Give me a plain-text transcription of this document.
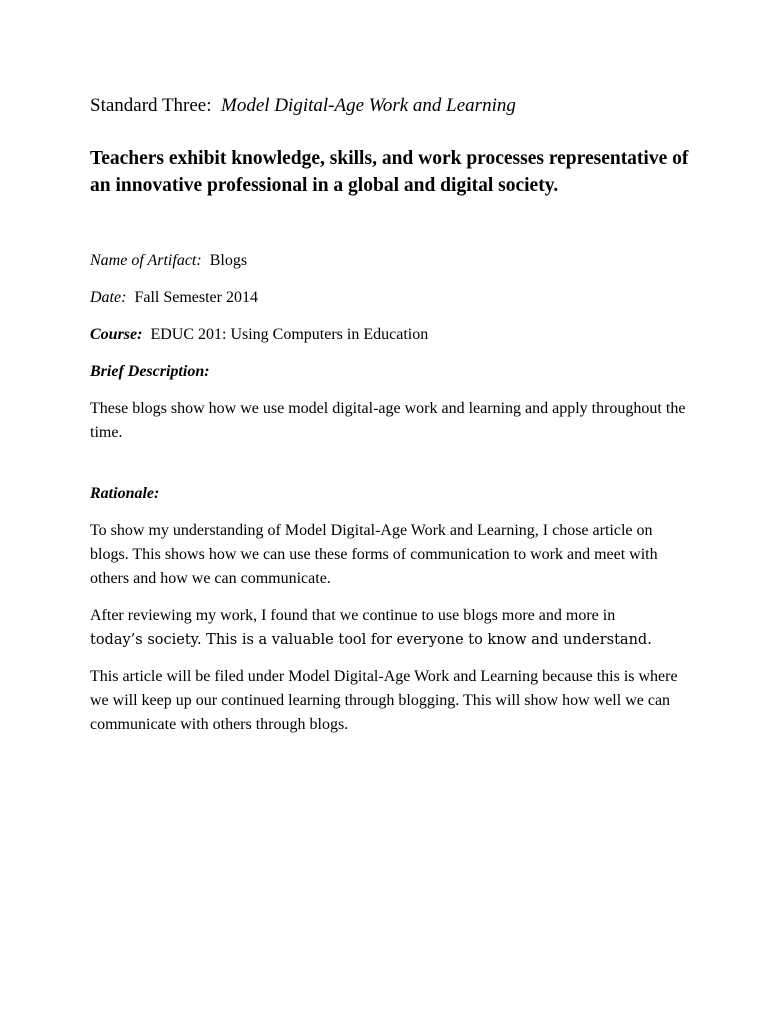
Standard Three: Model Digital-Age Work and Learning

Teachers exhibit knowledge, skills, and work processes representative of an innovative professional in a global and digital society.

Name of Artifact: Blogs

Date: Fall Semester 2014

Course: EDUC 201: Using Computers in Education

Brief Description:

These blogs show how we use model digital-age work and learning and apply throughout the time.

Rationale:

To show my understanding of Model Digital-Age Work and Learning, I chose article on blogs. This shows how we can use these forms of communication to work and meet with others and how we can communicate.

After reviewing my work, I found that we continue to use blogs more and more in
today’s society. This is a valuable tool for everyone to know and understand.

This article will be filed under Model Digital-Age Work and Learning because this is where we will keep up our continued learning through blogging. This will show how well we can communicate with others through blogs.
